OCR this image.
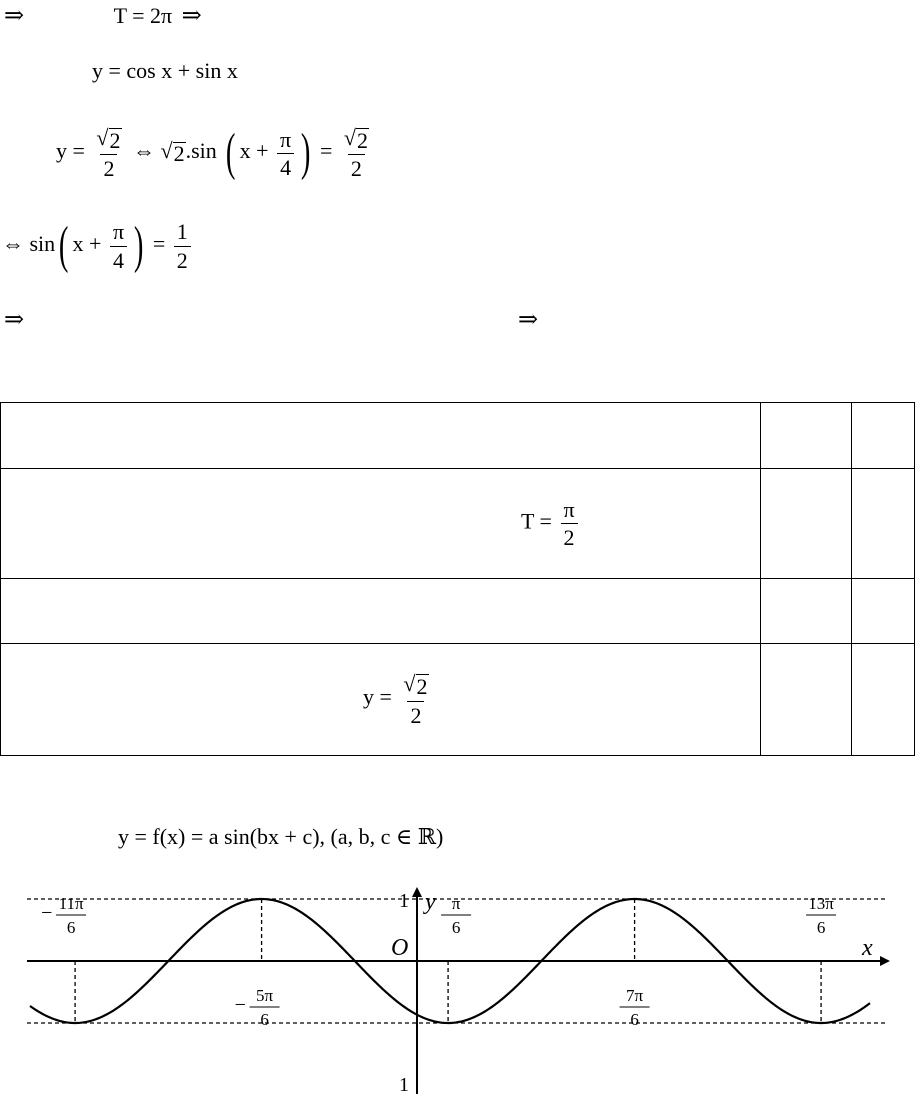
⇒	T = 2π ⇒
y = cos x + sin x
$y = \frac{√ 2}{2}$ ⇔ √ 2 .sin ( $x + \frac{\pi}{4}$ ) = $\frac{√ 2}{2}$
⇔ sin( $x + \frac{\pi}{4}$ ) = $\frac{1}{2}$
⇒	⇒

$T = \frac{\pi}{2}$

$y = \frac{√ 2}{2}$

y = f(x) = a sin(bx + c), (a, b, c ∈ ℝ)
y
x
O
1
1
− 11π
6
− 5π
6
π
6
7π
6
13π
6
